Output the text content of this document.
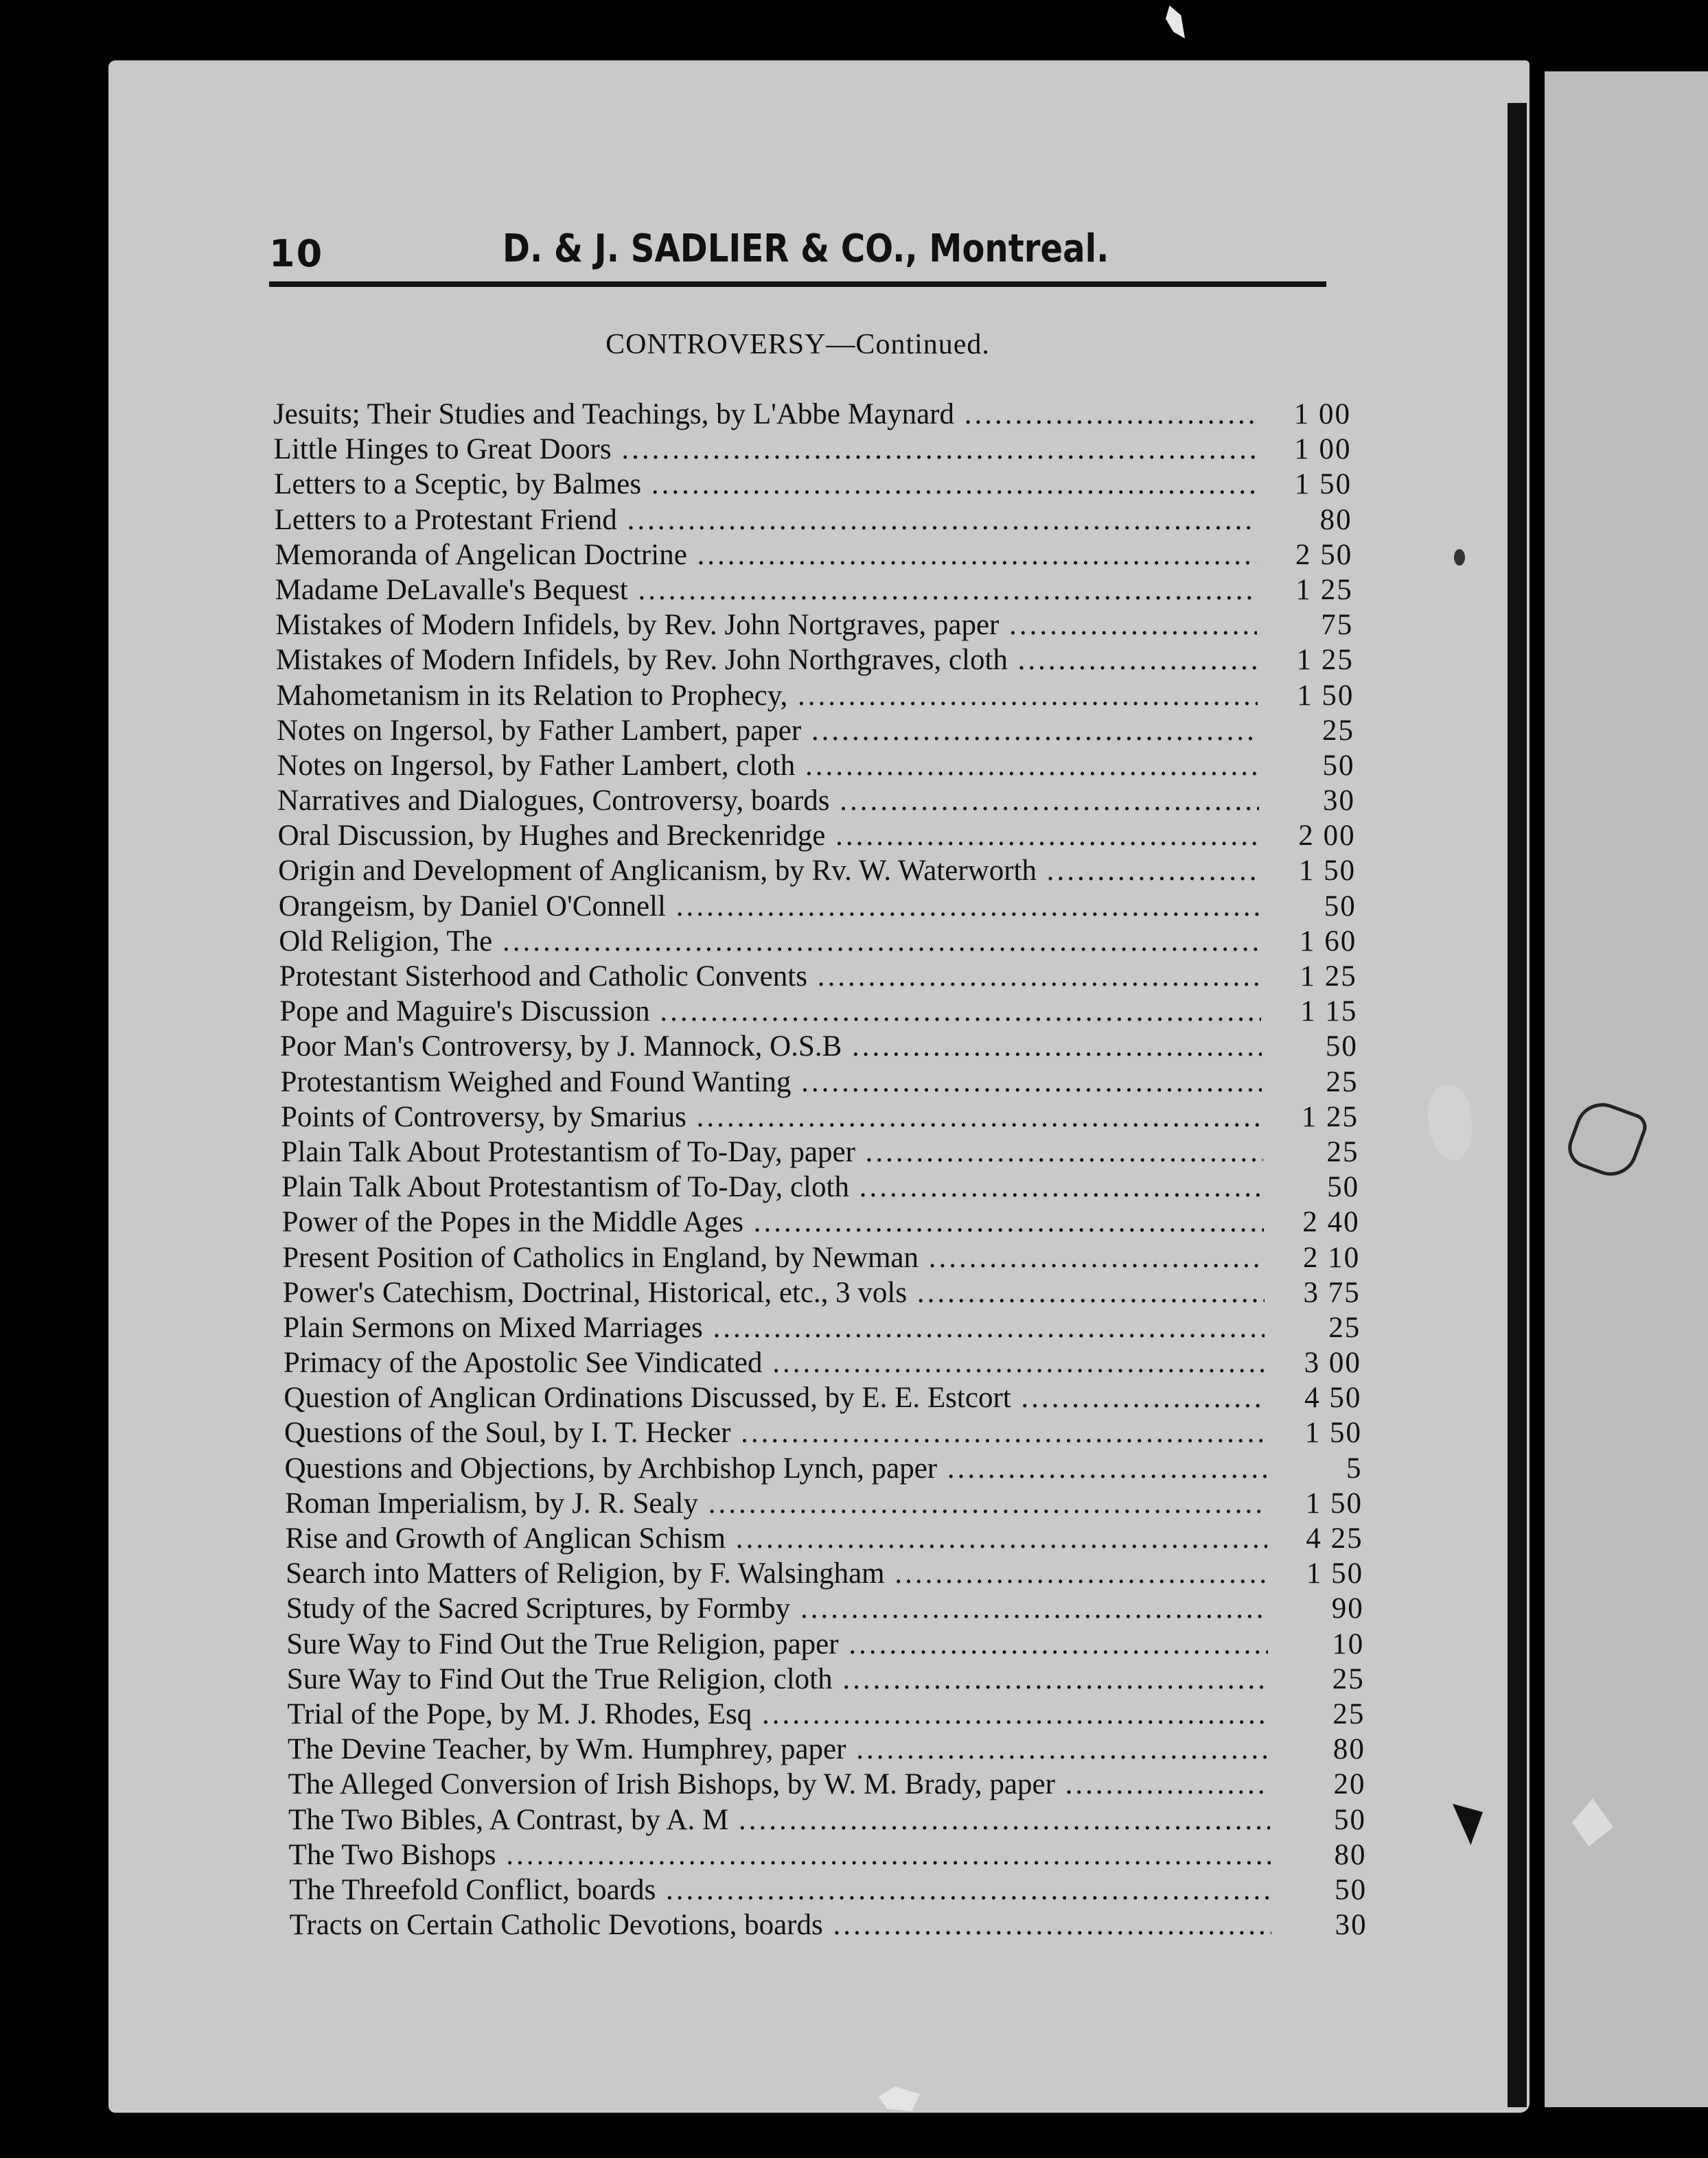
10	D. & J. SADLIER & CO., Montreal.
CONTROVERSY—Continued.
Jesuits; Their Studies and Teachings, by L'Abbe Maynard .....	1 00
Little Hinges to Great Doors .....	1 00
Letters to a Sceptic, by Balmes .....	1 50
Letters to a Protestant Friend .....	80
Memoranda of Angelican Doctrine .....	2 50
Madame DeLavalle's Bequest .....	1 25
Mistakes of Modern Infidels, by Rev. John Nortgraves, paper .....	75
Mistakes of Modern Infidels, by Rev. John Northgraves, cloth .....	1 25
Mahometanism in its Relation to Prophecy, .....	1 50
Notes on Ingersol, by Father Lambert, paper .....	25
Notes on Ingersol, by Father Lambert, cloth .....	50
Narratives and Dialogues, Controversy, boards .....	30
Oral Discussion, by Hughes and Breckenridge .....	2 00
Origin and Development of Anglicanism, by Rv. W. Waterworth .....	1 50
Orangeism, by Daniel O'Connell .....	50
Old Religion, The .....	1 60
Protestant Sisterhood and Catholic Convents .....	1 25
Pope and Maguire's Discussion .....	1 15
Poor Man's Controversy, by J. Mannock, O.S.B .....	50
Protestantism Weighed and Found Wanting .....	25
Points of Controversy, by Smarius .....	1 25
Plain Talk About Protestantism of To-Day, paper .....	25
Plain Talk About Protestantism of To-Day, cloth .....	50
Power of the Popes in the Middle Ages .....	2 40
Present Position of Catholics in England, by Newman .....	2 10
Power's Catechism, Doctrinal, Historical, etc., 3 vols .....	3 75
Plain Sermons on Mixed Marriages .....	25
Primacy of the Apostolic See Vindicated .....	3 00
Question of Anglican Ordinations Discussed, by E. E. Estcort .....	4 50
Questions of the Soul, by I. T. Hecker .....	1 50
Questions and Objections, by Archbishop Lynch, paper .....	5
Roman Imperialism, by J. R. Sealy .....	1 50
Rise and Growth of Anglican Schism .....	4 25
Search into Matters of Religion, by F. Walsingham .....	1 50
Study of the Sacred Scriptures, by Formby .....	90
Sure Way to Find Out the True Religion, paper .....	10
Sure Way to Find Out the True Religion, cloth .....	25
Trial of the Pope, by M. J. Rhodes, Esq .....	25
The Devine Teacher, by Wm. Humphrey, paper .....	80
The Alleged Conversion of Irish Bishops, by W. M. Brady, paper .....	20
The Two Bibles, A Contrast, by A. M .....	50
The Two Bishops .....	80
The Threefold Conflict, boards .....	50
Tracts on Certain Catholic Devotions, boards .....	30
